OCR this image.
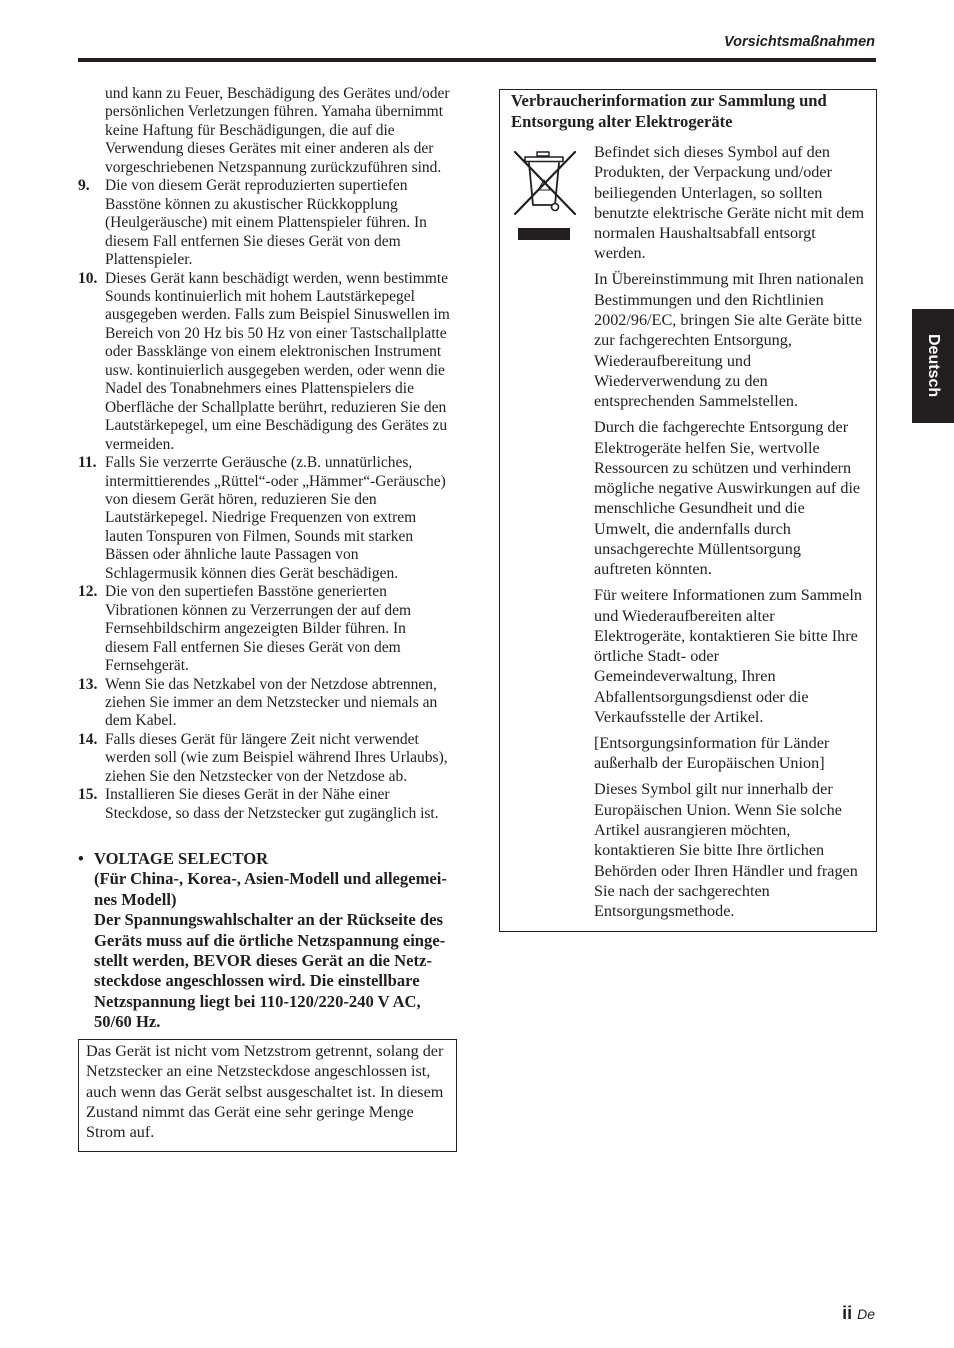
Vorsichtsmaßnahmen
und kann zu Feuer, Beschädigung des Gerätes und/oder
persönlichen Verletzungen führen. Yamaha übernimmt
keine Haftung für Beschädigungen, die auf die
Verwendung dieses Gerätes mit einer anderen als der
vorgeschriebenen Netzspannung zurückzuführen sind.
9. Die von diesem Gerät reproduzierten supertiefen
Basstöne können zu akustischer Rückkopplung
(Heulgeräusche) mit einem Plattenspieler führen. In
diesem Fall entfernen Sie dieses Gerät von dem
Plattenspieler.
10. Dieses Gerät kann beschädigt werden, wenn bestimmte
Sounds kontinuierlich mit hohem Lautstärkepegel
ausgegeben werden. Falls zum Beispiel Sinuswellen im
Bereich von 20 Hz bis 50 Hz von einer Tastschallplatte
oder Bassklänge von einem elektronischen Instrument
usw. kontinuierlich ausgegeben werden, oder wenn die
Nadel des Tonabnehmers eines Plattenspielers die
Oberfläche der Schallplatte berührt, reduzieren Sie den
Lautstärkepegel, um eine Beschädigung des Gerätes zu
vermeiden.
11. Falls Sie verzerrte Geräusche (z.B. unnatürliches,
intermittierendes „Rüttel“-oder „Hämmer“-Geräusche)
von diesem Gerät hören, reduzieren Sie den
Lautstärkepegel. Niedrige Frequenzen von extrem
lauten Tonspuren von Filmen, Sounds mit starken
Bässen oder ähnliche laute Passagen von
Schlagermusik können dies Gerät beschädigen.
12. Die von den supertiefen Basstöne generierten
Vibrationen können zu Verzerrungen der auf dem
Fernsehbildschirm angezeigten Bilder führen. In
diesem Fall entfernen Sie dieses Gerät von dem
Fernsehgerät.
13. Wenn Sie das Netzkabel von der Netzdose abtrennen,
ziehen Sie immer an dem Netzstecker und niemals an
dem Kabel.
14. Falls dieses Gerät für längere Zeit nicht verwendet
werden soll (wie zum Beispiel während Ihres Urlaubs),
ziehen Sie den Netzstecker von der Netzdose ab.
15. Installieren Sie dieses Gerät in der Nähe einer
Steckdose, so dass der Netzstecker gut zugänglich ist.
• VOLTAGE SELECTOR
(Für China-, Korea-, Asien-Modell und allegemei-
nes Modell)
Der Spannungswahlschalter an der Rückseite des
Geräts muss auf die örtliche Netzspannung einge-
stellt werden, BEVOR dieses Gerät an die Netz-
steckdose angeschlossen wird. Die einstellbare
Netzspannung liegt bei 110-120/220-240 V AC,
50/60 Hz.
Das Gerät ist nicht vom Netzstrom getrennt, solang der
Netzstecker an eine Netzsteckdose angeschlossen ist,
auch wenn das Gerät selbst ausgeschaltet ist. In diesem
Zustand nimmt das Gerät eine sehr geringe Menge
Strom auf.
Verbraucherinformation zur Sammlung und
Entsorgung alter Elektrogeräte
Befindet sich dieses Symbol auf den
Produkten, der Verpackung und/oder
beiliegenden Unterlagen, so sollten
benutzte elektrische Geräte nicht mit dem
normalen Haushaltsabfall entsorgt
werden.
In Übereinstimmung mit Ihren nationalen
Bestimmungen und den Richtlinien
2002/96/EC, bringen Sie alte Geräte bitte
zur fachgerechten Entsorgung,
Wiederaufbereitung und
Wiederverwendung zu den
entsprechenden Sammelstellen.
Durch die fachgerechte Entsorgung der
Elektrogeräte helfen Sie, wertvolle
Ressourcen zu schützen und verhindern
mögliche negative Auswirkungen auf die
menschliche Gesundheit und die
Umwelt, die andernfalls durch
unsachgerechte Müllentsorgung
auftreten könnten.
Für weitere Informationen zum Sammeln
und Wiederaufbereiten alter
Elektrogeräte, kontaktieren Sie bitte Ihre
örtliche Stadt- oder
Gemeindeverwaltung, Ihren
Abfallentsorgungsdienst oder die
Verkaufsstelle der Artikel.
[Entsorgungsinformation für Länder
außerhalb der Europäischen Union]
Dieses Symbol gilt nur innerhalb der
Europäischen Union. Wenn Sie solche
Artikel ausrangieren möchten,
kontaktieren Sie bitte Ihre örtlichen
Behörden oder Ihren Händler und fragen
Sie nach der sachgerechten
Entsorgungsmethode.
Deutsch
ii De
